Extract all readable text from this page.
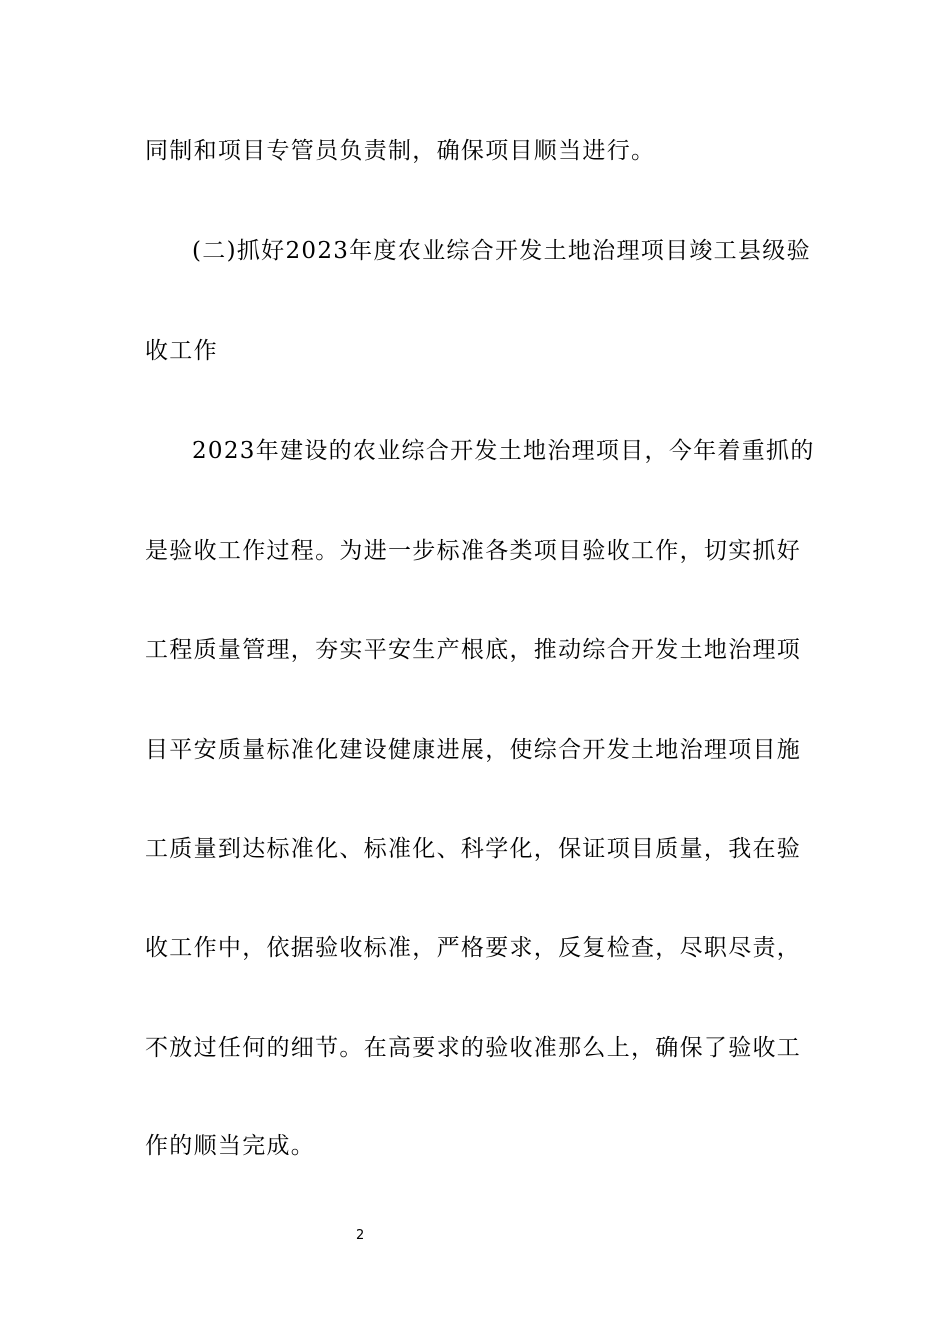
同制和项目专管员负责制，确保项目顺当进行。
(二)抓好2023年度农业综合开发土地治理项目竣工县级验
收工作
2023年建设的农业综合开发土地治理项目，今年着重抓的
是验收工作过程。为进一步标准各类项目验收工作，切实抓好
工程质量管理，夯实平安生产根底，推动综合开发土地治理项
目平安质量标准化建设健康进展，使综合开发土地治理项目施
工质量到达标准化、标准化、科学化，保证项目质量，我在验
收工作中，依据验收标准，严格要求，反复检查，尽职尽责，
不放过任何的细节。在高要求的验收准那么上，确保了验收工
作的顺当完成。
2
